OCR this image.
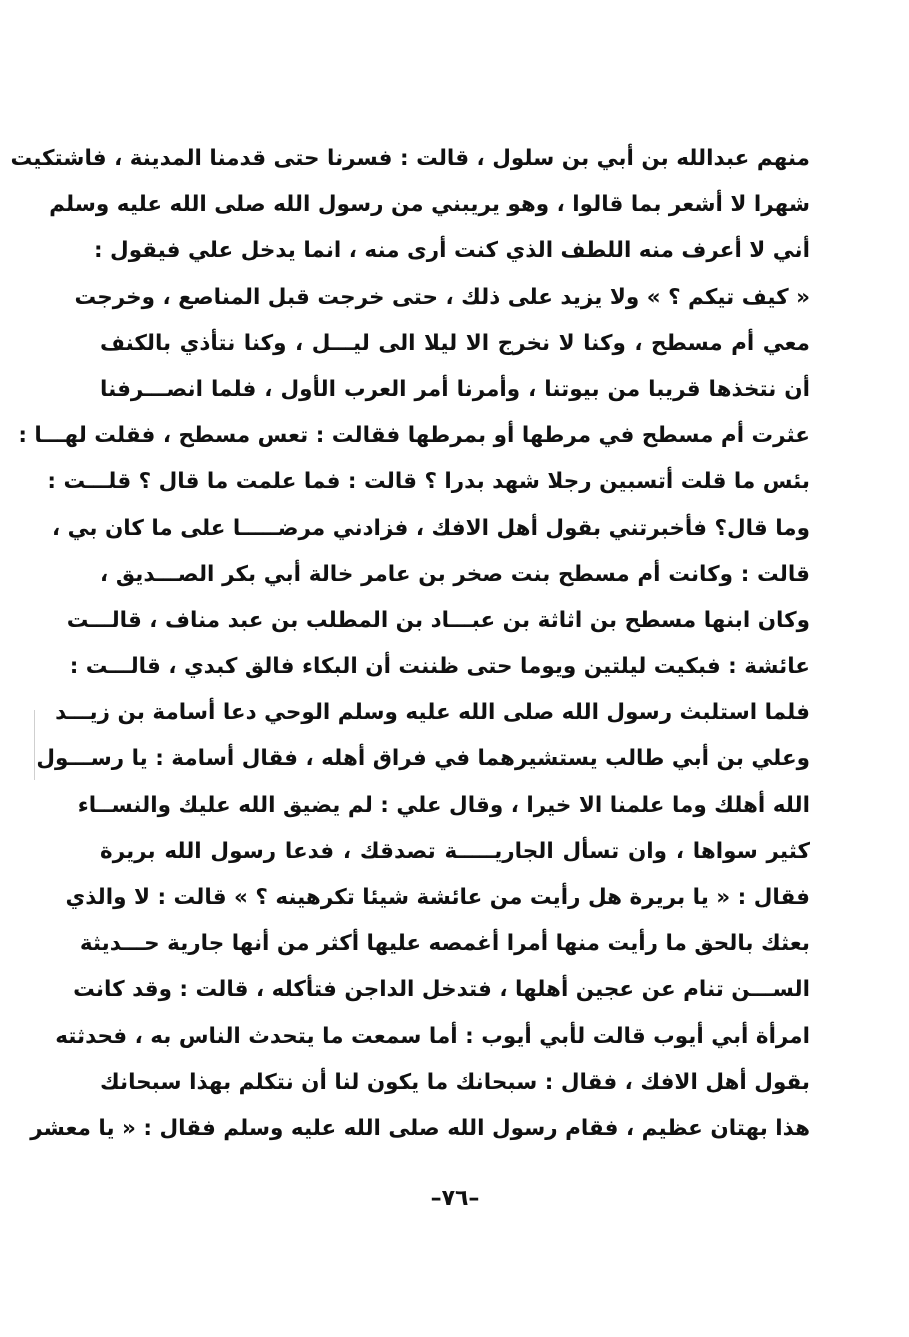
منهم عبدالله بن أبي بن سلول ، قالت : فسرنا حتى قدمنا المدينة ، فاشتكيت
شهرا لا أشعر بما قالوا ، وهو يريبني من رسول الله صلى الله عليه وسلم
أني لا أعرف منه اللطف الذي كنت أرى منه ، انما يدخل علي فيقول :
« كيف تيكم ؟ » ولا يزيد على ذلك ، حتى خرجت قبل المناصع ، وخرجت
معي أم مسطح ، وكنا لا نخرج الا ليلا الى ليـــل ، وكنا نتأذي بالكنف
أن نتخذها قريبا من بيوتنا ، وأمرنا أمر العرب الأول ، فلما انصـــرفنا
عثرت أم مسطح في مرطها أو بمرطها فقالت : تعس مسطح ، فقلت لهـــا :
بئس ما قلت أتسبين رجلا شهد بدرا ؟ قالت : فما علمت ما قال ؟ قلـــت :
وما قال؟ فأخبرتني بقول أهل الافك ، فزادني مرضـــــا على ما كان بي ،
قالت : وكانت أم مسطح بنت صخر بن عامر خالة أبي بكر الصـــديق ،
وكان ابنها مسطح بن اثاثة بن عبـــاد بن المطلب بن عبد مناف ، قالـــت
عائشة : فبكيت ليلتين ويوما حتى ظننت أن البكاء فالق كبدي ، قالـــت :
فلما استلبث رسول الله صلى الله عليه وسلم الوحي دعا أسامة بن زيـــد
وعلي بن أبي طالب يستشيرهما في فراق أهله ، فقال أسامة : يا رســـول
الله أهلك وما علمنا الا خيرا ، وقال علي : لم يضيق الله عليك والنســاء
كثير سواها ، وان تسأل الجاريـــــة تصدقك ، فدعا رسول الله بريرة
فقال : « يا بريرة هل رأيت من عائشة شيئا تكرهينه ؟ » قالت : لا والذي
بعثك بالحق ما رأيت منها أمرا أغمصه عليها أكثر من أنها جارية حـــديثة
الســـن تنام عن عجين أهلها ، فتدخل الداجن فتأكله ، قالت : وقد كانت
امرأة أبي أيوب قالت لأبي أيوب : أما سمعت ما يتحدث الناس به ، فحدثته
بقول أهل الافك ، فقال : سبحانك ما يكون لنا أن نتكلم بهذا سبحانك
هذا بهتان عظيم ، فقام رسول الله صلى الله عليه وسلم فقال : « يا معشر
–٧٦–
